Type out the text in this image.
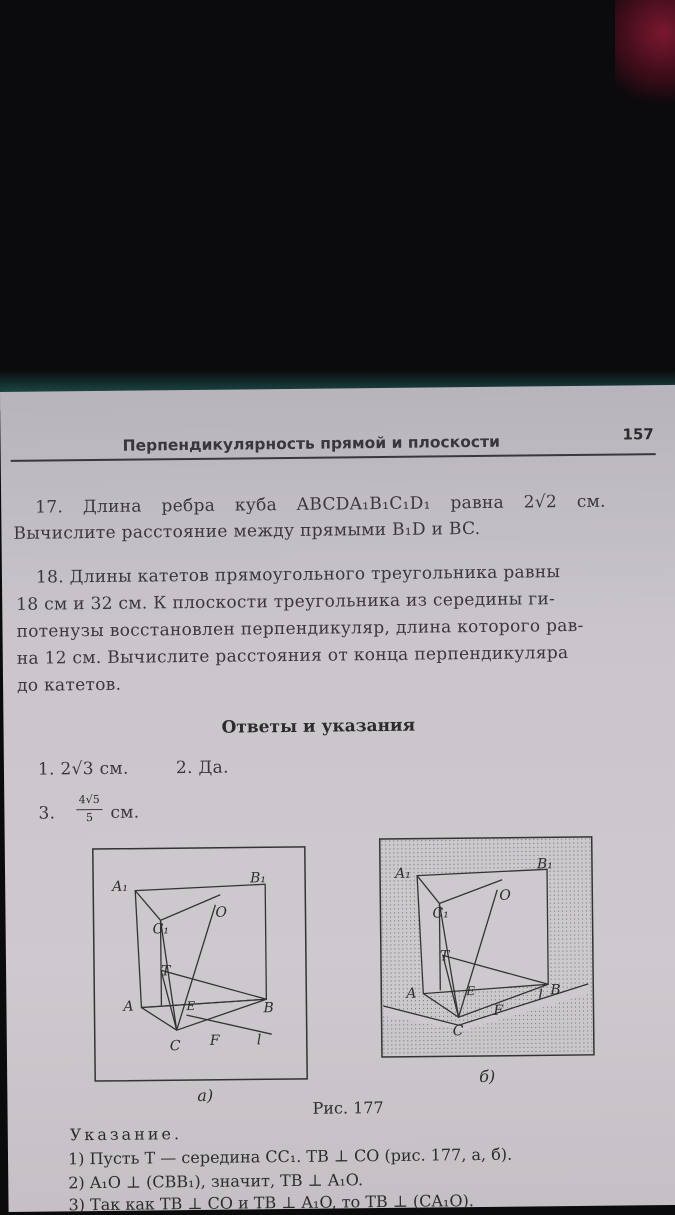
Перпендикулярность прямой и плоскости	157
17. Длина ребра куба ABCDA₁B₁C₁D₁ равна 2√2 см.
Вычислите расстояние между прямыми B₁D и BC.
18. Длины катетов прямоугольного треугольника равны
18 см и 32 см. К плоскости треугольника из середины ги-
потенузы восстановлен перпендикуляр, длина которого рав-
на 12 см. Вычислите расстояния от конца перпендикуляра
до катетов.
Ответы и указания
1. 2√3 см.	2. Да.
3.
4√5
5	см.
A₁
B₁
C₁
O
T
A	B
C F
E
l
A₁
B₁
C₁
O
T
A	B
C
F
E	l
а)
б)
Рис. 177
Указание.
1) Пусть T — середина CC₁. TB ⊥ CO (рис. 177, а, б).
2) A₁O ⊥ (CBB₁), значит, TB ⊥ A₁O.
3) Так как TB ⊥ CO и TB ⊥ A₁O, то TB ⊥ (CA₁O).
